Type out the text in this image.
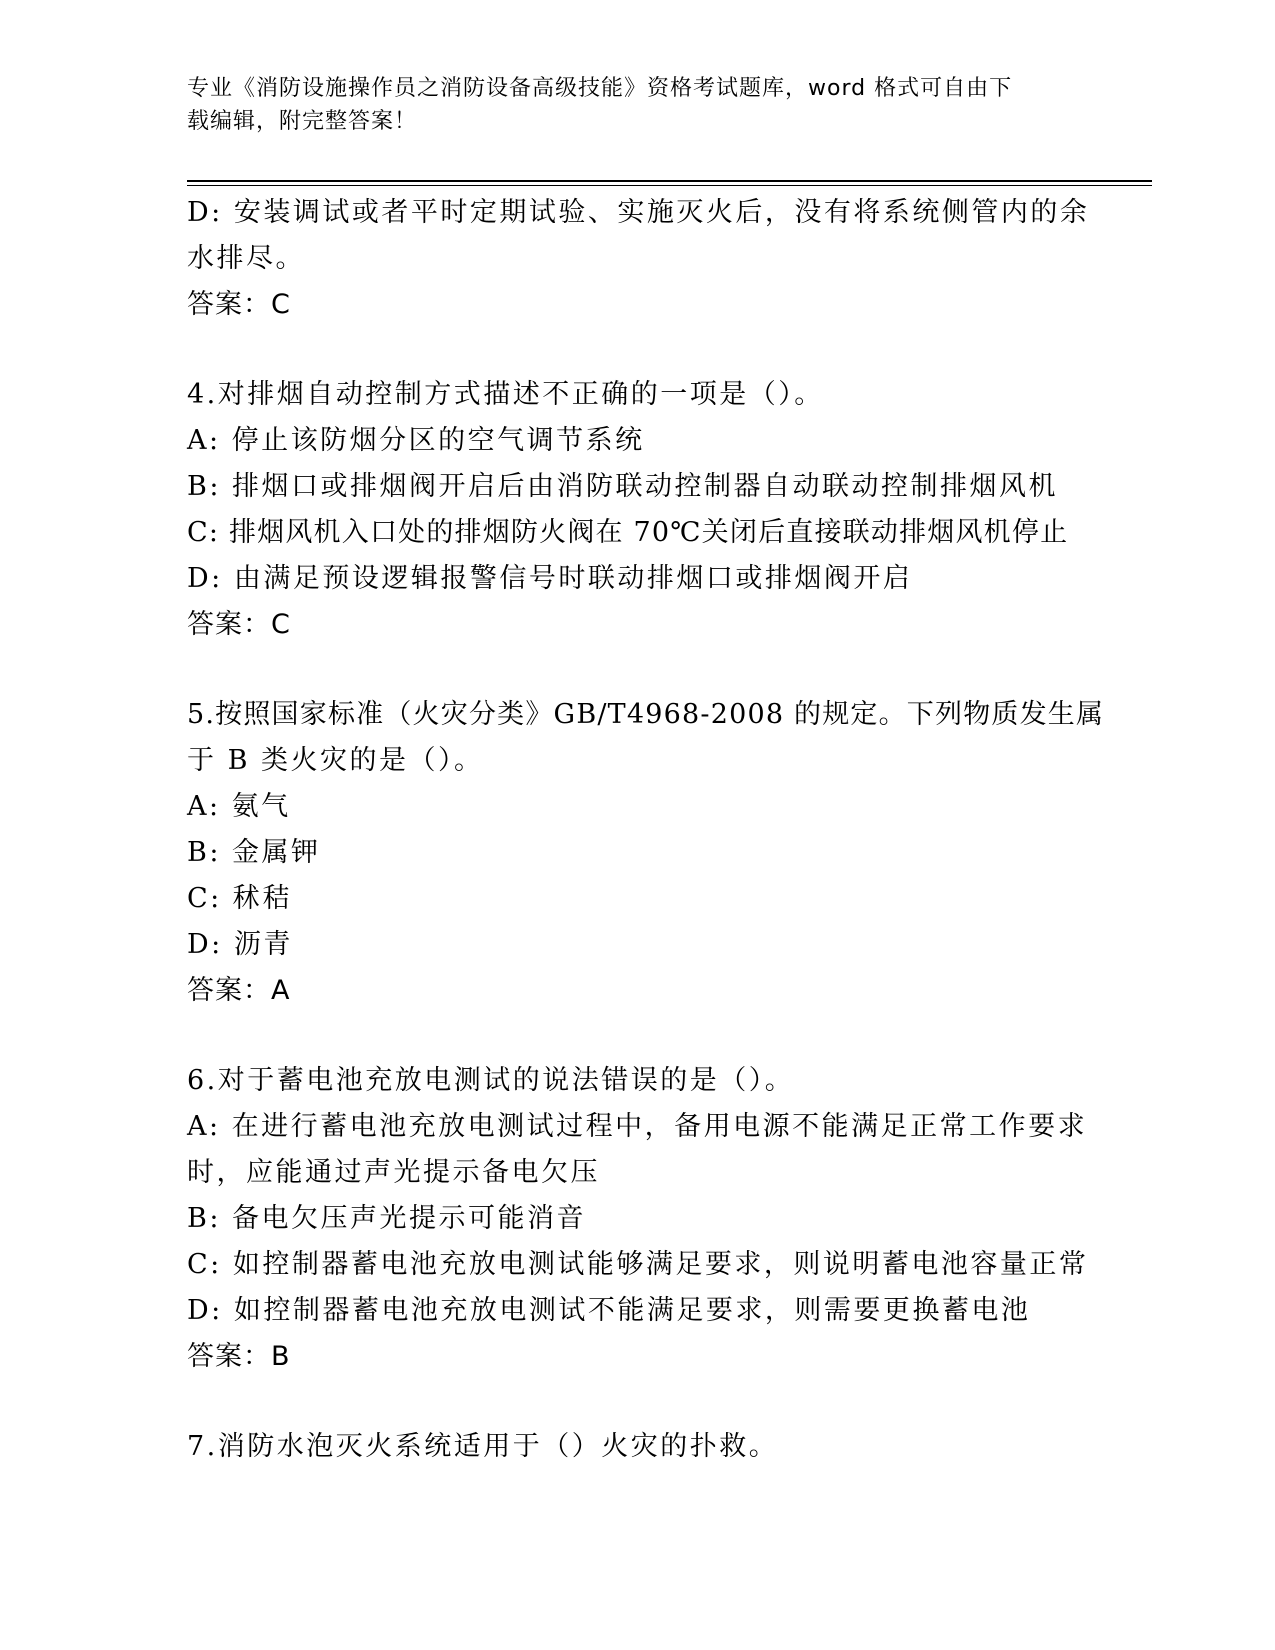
专业《消防设施操作员之消防设备高级技能》资格考试题库，word 格式可自由下
载编辑，附完整答案！
D: 安装调试或者平时定期试验、实施灭火后，没有将系统侧管内的余
水排尽。
答案：C
4.对排烟自动控制方式描述不正确的一项是（）。
A: 停止该防烟分区的空气调节系统
B: 排烟口或排烟阀开启后由消防联动控制器自动联动控制排烟风机
C: 排烟风机入口处的排烟防火阀在 70℃关闭后直接联动排烟风机停止
D: 由满足预设逻辑报警信号时联动排烟口或排烟阀开启
答案：C
5.按照国家标准（火灾分类》GB/T4968-2008 的规定。下列物质发生属
于 B 类火灾的是（）。
A: 氨气
B: 金属钾
C: 秫秸
D: 沥青
答案：A
6.对于蓄电池充放电测试的说法错误的是（）。
A: 在进行蓄电池充放电测试过程中，备用电源不能满足正常工作要求
时，应能通过声光提示备电欠压
B: 备电欠压声光提示可能消音
C: 如控制器蓄电池充放电测试能够满足要求，则说明蓄电池容量正常
D: 如控制器蓄电池充放电测试不能满足要求，则需要更换蓄电池
答案：B
7.消防水泡灭火系统适用于（）火灾的扑救。
